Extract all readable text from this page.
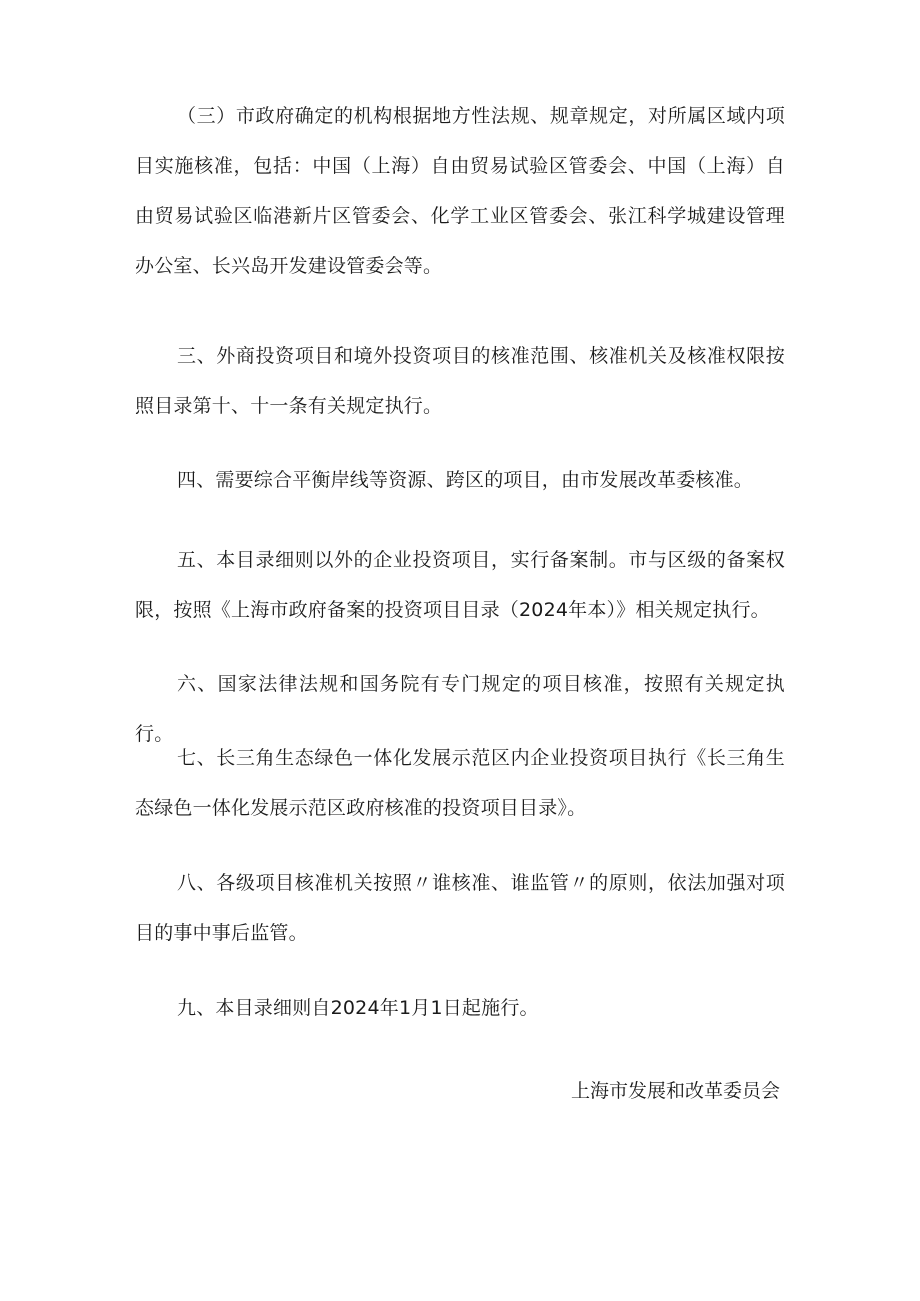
（三）市政府确定的机构根据地方性法规、规章规定，对所属区域内项目实施核准，包括：中国（上海）自由贸易试验区管委会、中国（上海）自由贸易试验区临港新片区管委会、化学工业区管委会、张江科学城建设管理办公室、长兴岛开发建设管委会等。

三、外商投资项目和境外投资项目的核准范围、核准机关及核准权限按照目录第十、十一条有关规定执行。

四、需要综合平衡岸线等资源、跨区的项目，由市发展改革委核准。

五、本目录细则以外的企业投资项目，实行备案制。市与区级的备案权限，按照《上海市政府备案的投资项目目录（2024年本）》相关规定执行。

六、国家法律法规和国务院有专门规定的项目核准，按照有关规定执行。

七、长三角生态绿色一体化发展示范区内企业投资项目执行《长三角生态绿色一体化发展示范区政府核准的投资项目目录》。

八、各级项目核准机关按照〃谁核准、谁监管〃的原则，依法加强对项目的事中事后监管。

九、本目录细则自2024年1月1日起施行。

上海市发展和改革委员会
